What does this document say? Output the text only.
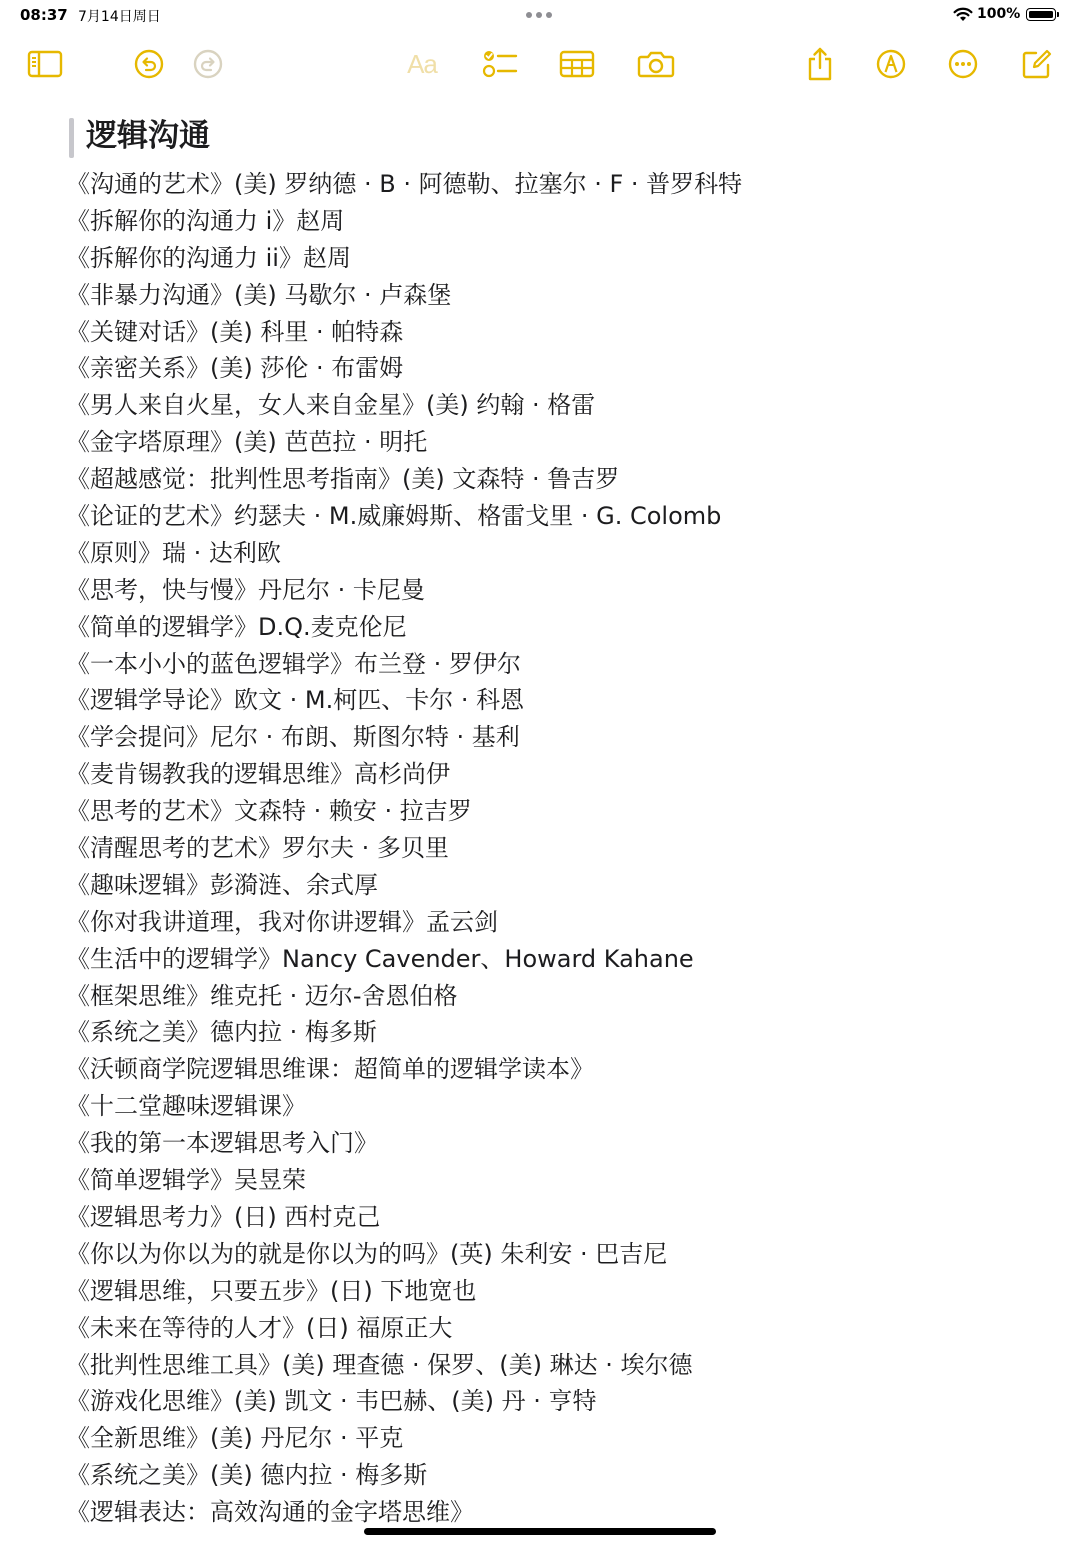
08:37 7月14日周日	100%
Aa
逻辑沟通
《沟通的艺术》(美) 罗纳德 · B · 阿德勒、拉塞尔 · F · 普罗科特
《拆解你的沟通力 i》赵周
《拆解你的沟通力 ii》赵周
《非暴力沟通》(美) 马歇尔 · 卢森堡
《关键对话》(美) 科里 · 帕特森
《亲密关系》(美) 莎伦 · 布雷姆
《男人来自火星，女人来自金星》(美) 约翰 · 格雷
《金字塔原理》(美) 芭芭拉 · 明托
《超越感觉：批判性思考指南》(美) 文森特 · 鲁吉罗
《论证的艺术》约瑟夫 · M.威廉姆斯、格雷戈里 · G. Colomb
《原则》瑞 · 达利欧
《思考，快与慢》丹尼尔 · 卡尼曼
《简单的逻辑学》D.Q.麦克伦尼
《一本小小的蓝色逻辑学》布兰登 · 罗伊尔
《逻辑学导论》欧文 · M.柯匹、卡尔 · 科恩
《学会提问》尼尔 · 布朗、斯图尔特 · 基利
《麦肯锡教我的逻辑思维》高杉尚伊
《思考的艺术》文森特 · 赖安 · 拉吉罗
《清醒思考的艺术》罗尔夫 · 多贝里
《趣味逻辑》彭漪涟、余式厚
《你对我讲道理，我对你讲逻辑》孟云剑
《生活中的逻辑学》Nancy Cavender、Howard Kahane
《框架思维》维克托 · 迈尔-舍恩伯格
《系统之美》德内拉 · 梅多斯
《沃顿商学院逻辑思维课：超简单的逻辑学读本》
《十二堂趣味逻辑课》
《我的第一本逻辑思考入门》
《简单逻辑学》吴昱荣
《逻辑思考力》(日) 西村克己
《你以为你以为的就是你以为的吗》(英) 朱利安 · 巴吉尼
《逻辑思维，只要五步》(日) 下地宽也
《未来在等待的人才》(日) 福原正大
《批判性思维工具》(美) 理查德 · 保罗、(美) 琳达 · 埃尔德
《游戏化思维》(美) 凯文 · 韦巴赫、(美) 丹 · 亨特
《全新思维》(美) 丹尼尔 · 平克
《系统之美》(美) 德内拉 · 梅多斯
《逻辑表达：高效沟通的金字塔思维》
